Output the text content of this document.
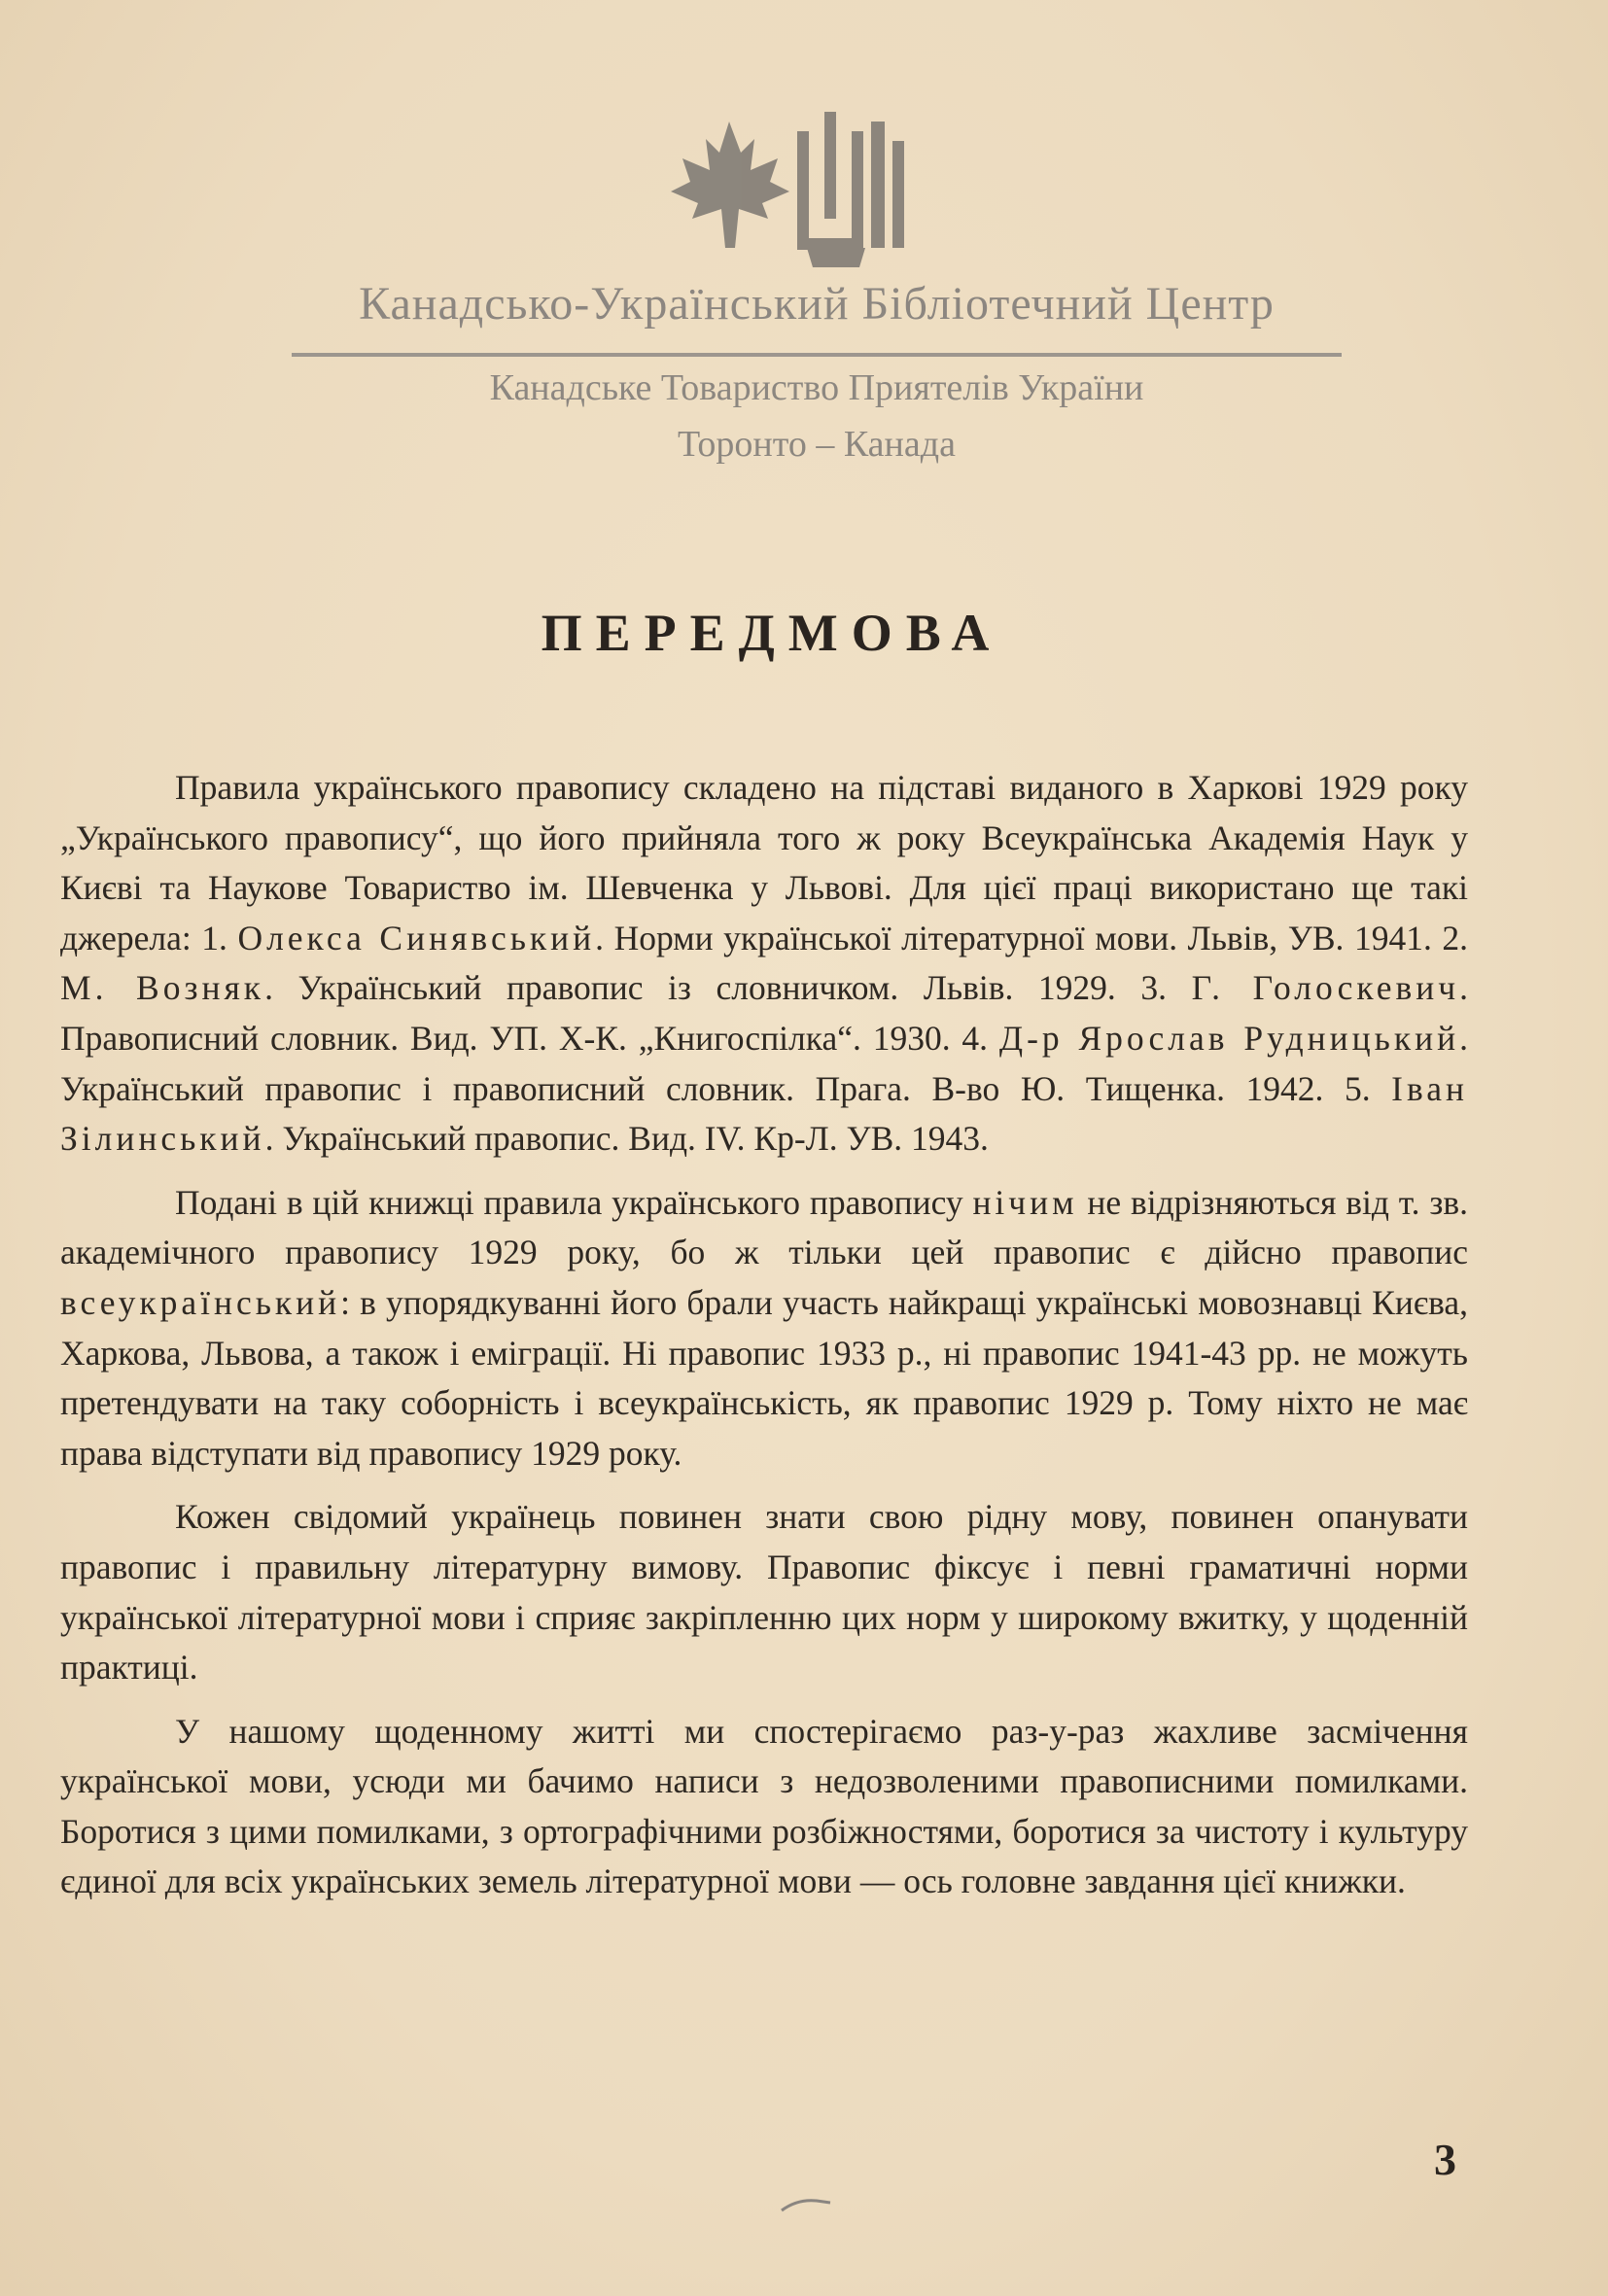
Канадсько-Український Бібліотечний Центр
Канадське Товариство Приятелів України
Торонто – Канада
ПЕРЕДМОВА

Правила українського правопису складено на підставі виданого в Харкові 1929 року „Українського правопису“, що його прийняла того ж року Всеукраїнська Академія Наук у Києві та Наукове Товариство ім. Шевченка у Львові. Для цієї праці використано ще такі джерела: 1. Олекса Синявський. Норми української літературної мови. Львів, УВ. 1941. 2. М. Возняк. Український правопис із словничком. Львів. 1929. 3. Г. Голоскевич. Правописний словник. Вид. УП. Х-К. „Книгоспілка“. 1930. 4. Д-р Ярослав Рудницький. Український правопис і правописний словник. Прага. В-во Ю. Тищенка. 1942. 5. Іван Зілинський. Український правопис. Вид. IV. Кр-Л. УВ. 1943.

Подані в цій книжці правила українського правопису нічим не відрізняються від т. зв. академічного правопису 1929 року, бо ж тільки цей правопис є дійсно правопис всеукраїнський: в упорядкуванні його брали участь найкращі українські мовознавці Києва, Харкова, Львова, а також і еміграції. Ні правопис 1933 р., ні правопис 1941-43 рр. не можуть претендувати на таку соборність і всеукраїнськість, як правопис 1929 р. Тому ніхто не має права відступати від правопису 1929 року.

Кожен свідомий українець повинен знати свою рідну мову, повинен опанувати правопис і правильну літературну вимову. Правопис фіксує і певні граматичні норми української літературної мови і сприяє закріпленню цих норм у широкому вжитку, у щоденній практиці.

У нашому щоденному житті ми спостерігаємо раз-у-раз жахливе засмічення української мови, усюди ми бачимо написи з недозволеними правописними помилками. Боротися з цими помилками, з ортографічними розбіжностями, боротися за чистоту і культуру єдиної для всіх українських земель літературної мови — ось головне завдання цієї книжки.

3
